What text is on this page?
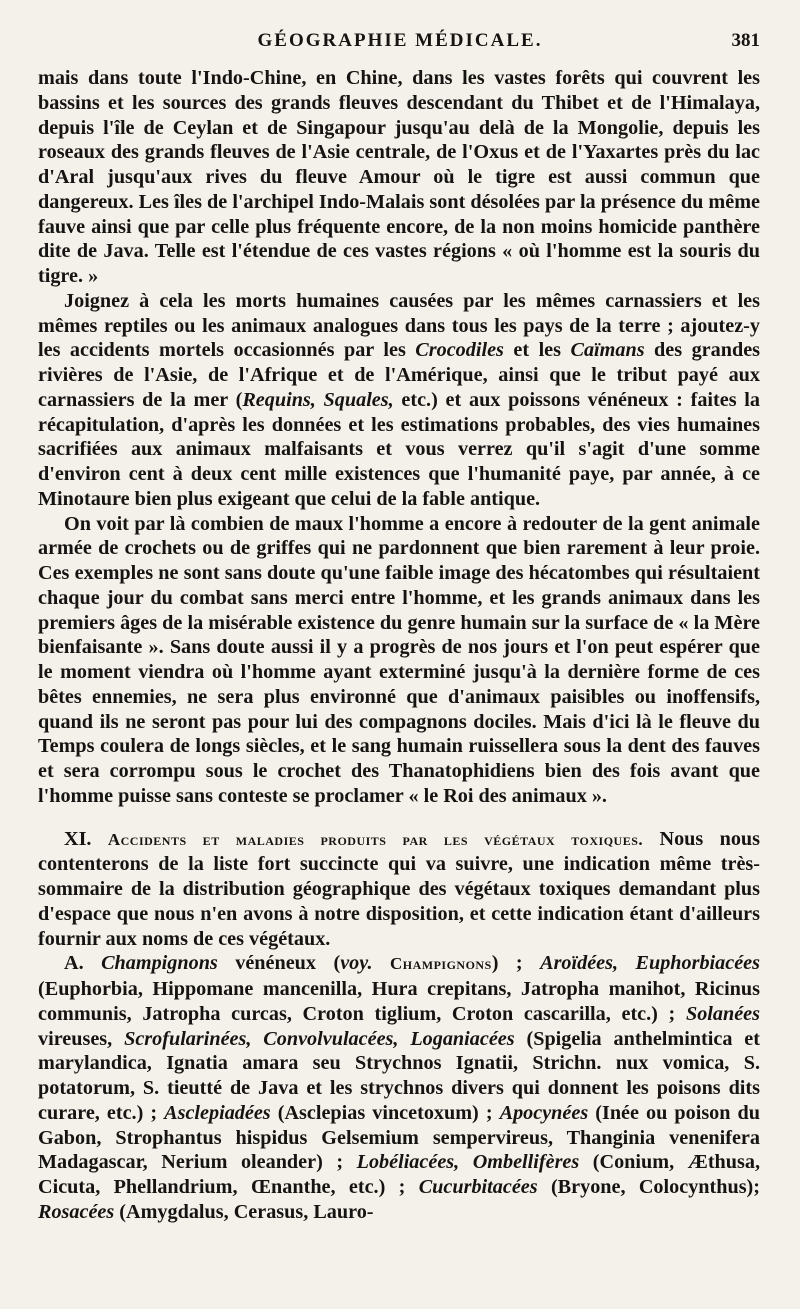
GÉOGRAPHIE MÉDICALE.	381

mais dans toute l'Indo-Chine, en Chine, dans les vastes forêts qui couvrent les bassins et les sources des grands fleuves descendant du Thibet et de l'Himalaya, depuis l'île de Ceylan et de Singapour jusqu'au delà de la Mongolie, depuis les roseaux des grands fleuves de l'Asie centrale, de l'Oxus et de l'Yaxartes près du lac d'Aral jusqu'aux rives du fleuve Amour où le tigre est aussi commun que dangereux. Les îles de l'archipel Indo-Malais sont désolées par la présence du même fauve ainsi que par celle plus fréquente encore, de la non moins homicide panthère dite de Java. Telle est l'étendue de ces vastes régions « où l'homme est la souris du tigre. »

Joignez à cela les morts humaines causées par les mêmes carnassiers et les mêmes reptiles ou les animaux analogues dans tous les pays de la terre ; ajoutez-y les accidents mortels occasionnés par les Crocodiles et les Caïmans des grandes rivières de l'Asie, de l'Afrique et de l'Amérique, ainsi que le tribut payé aux carnassiers de la mer (Requins, Squales, etc.) et aux poissons vénéneux : faites la récapitulation, d'après les données et les estimations probables, des vies humaines sacrifiées aux animaux malfaisants et vous verrez qu'il s'agit d'une somme d'environ cent à deux cent mille existences que l'humanité paye, par année, à ce Minotaure bien plus exigeant que celui de la fable antique.

On voit par là combien de maux l'homme a encore à redouter de la gent animale armée de crochets ou de griffes qui ne pardonnent que bien rarement à leur proie. Ces exemples ne sont sans doute qu'une faible image des hécatombes qui résultaient chaque jour du combat sans merci entre l'homme, et les grands animaux dans les premiers âges de la misérable existence du genre humain sur la surface de « la Mère bienfaisante ». Sans doute aussi il y a progrès de nos jours et l'on peut espérer que le moment viendra où l'homme ayant exterminé jusqu'à la dernière forme de ces bêtes ennemies, ne sera plus environné que d'animaux paisibles ou inoffensifs, quand ils ne seront pas pour lui des compagnons dociles. Mais d'ici là le fleuve du Temps coulera de longs siècles, et le sang humain ruissellera sous la dent des fauves et sera corrompu sous le crochet des Thanatophidiens bien des fois avant que l'homme puisse sans conteste se proclamer « le Roi des animaux ».

XI. Accidents et maladies produits par les végétaux toxiques. Nous nous contenterons de la liste fort succincte qui va suivre, une indication même très-sommaire de la distribution géographique des végétaux toxiques demandant plus d'espace que nous n'en avons à notre disposition, et cette indication étant d'ailleurs fournir aux noms de ces végétaux.

A. Champignons vénéneux (voy. Champignons) ; Aroïdées, Euphorbiacées (Euphorbia, Hippomane mancenilla, Hura crepitans, Jatropha manihot, Ricinus communis, Jatropha curcas, Croton tiglium, Croton cascarilla, etc.) ; Solanées vireuses, Scrofularinées, Convolvulacées, Loganiacées (Spigelia anthelmintica et marylandica, Ignatia amara seu Strychnos Ignatii, Strichn. nux vomica, S. potatorum, S. tieutté de Java et les strychnos divers qui donnent les poisons dits curare, etc.) ; Asclepiadées (Asclepias vincetoxum) ; Apocynées (Inée ou poison du Gabon, Strophantus hispidus Gelsemium sempervireus, Thanginia venenifera Madagascar, Nerium oleander) ; Lobéliacées, Ombellifères (Conium, Æthusa, Cicuta, Phellandrium, Œnanthe, etc.) ; Cucurbitacées (Bryone, Colocynthus); Rosacées (Amygdalus, Cerasus, Lauro-
